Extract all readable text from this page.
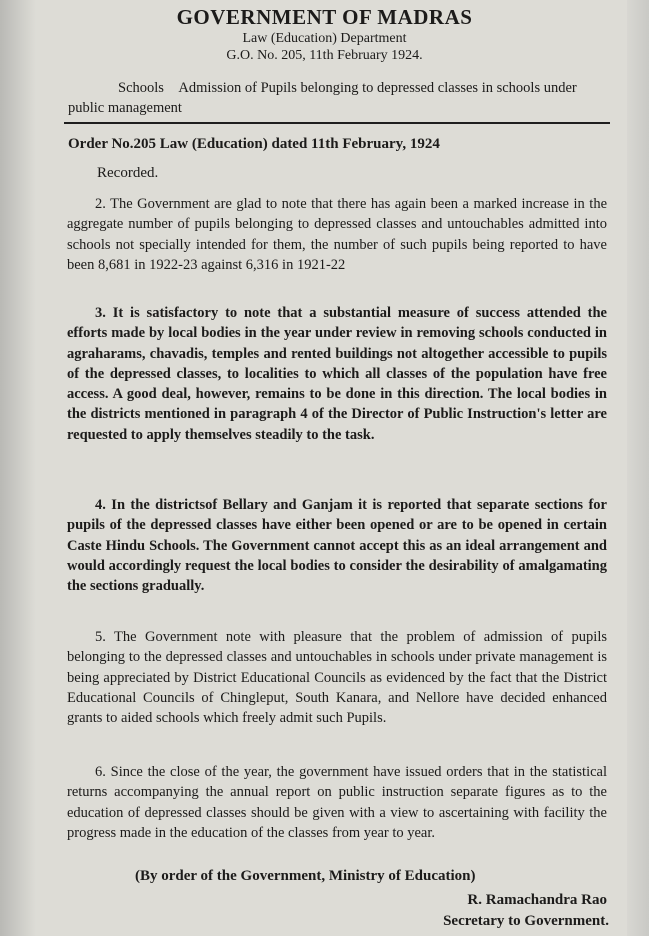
GOVERNMENT OF MADRAS
Law (Education) Department
G.O. No. 205, 11th February 1924.
Schools Admission of Pupils belonging to depressed classes in schools under public management
Order No.205 Law (Education) dated 11th February, 1924
Recorded.

2. The Government are glad to note that there has again been a marked increase in the aggregate number of pupils belonging to depressed classes and untouchables admitted into schools not specially intended for them, the number of such pupils being reported to have been 8,681 in 1922-23 against 6,316 in 1921-22

3. It is satisfactory to note that a substantial measure of success attended the efforts made by local bodies in the year under review in removing schools conducted in agraharams, chavadis, temples and rented buildings not altogether accessible to pupils of the depressed classes, to localities to which all classes of the population have free access. A good deal, however, remains to be done in this direction. The local bodies in the districts mentioned in paragraph 4 of the Director of Public Instruction's letter are requested to apply themselves steadily to the task.

4. In the districtsof Bellary and Ganjam it is reported that separate sections for pupils of the depressed classes have either been opened or are to be opened in certain Caste Hindu Schools. The Government cannot accept this as an ideal arrangement and would accordingly request the local bodies to consider the desirability of amalgamating the sections gradually.

5. The Government note with pleasure that the problem of admission of pupils belonging to the depressed classes and untouchables in schools under private management is being appreciated by District Educational Councils as evidenced by the fact that the District Educational Councils of Chingleput, South Kanara, and Nellore have decided enhanced grants to aided schools which freely admit such Pupils.

6. Since the close of the year, the government have issued orders that in the statistical returns accompanying the annual report on public instruction separate figures as to the education of depressed classes should be given with a view to ascertaining with facility the progress made in the education of the classes from year to year.

(By order of the Government, Ministry of Education)
R. Ramachandra Rao
Secretary to Government.
